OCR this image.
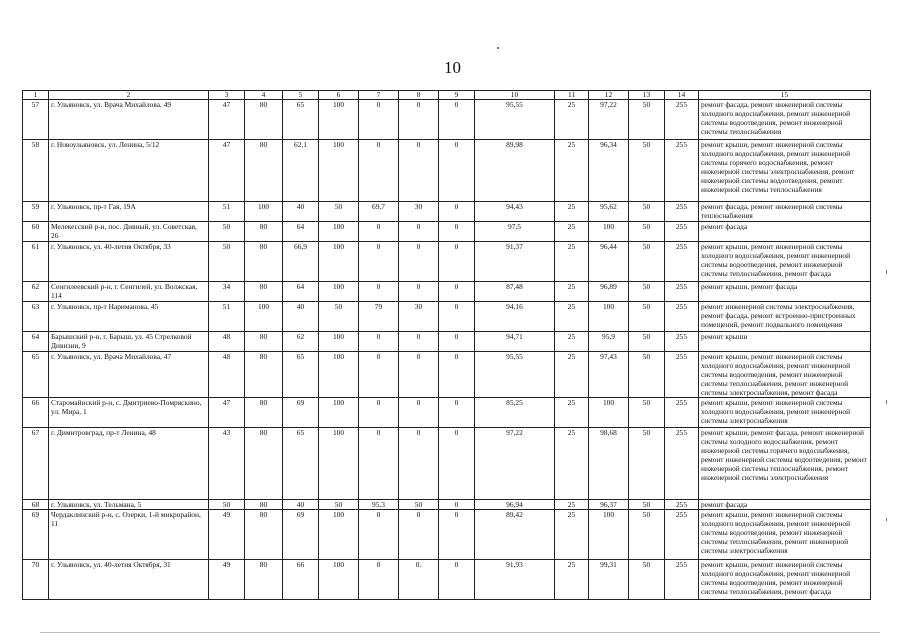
10
1	2	3	4	5	6	7	8	9	10	11	12	13	14	15
57	г. Ульяновск, ул. Врача Михайлова, 49	47	80	65	100	0	0	0	95,55	25	97,22	50	255	ремонт фасада, ремонт инженерной системы холодного водоснабжения, ремонт инженерной системы водоотведения, ремонт инженерной системы теплоснабжения
58	г. Новоульяновск, ул. Ленина, 5/12	47	80	62,1	100	0	0	0	89,98	25	96,34	50	255	ремонт крыши, ремонт инженерной системы холодного водоснабжения, ремонт инженерной системы горячего водоснабжения, ремонт инженерной системы электроснабжения, ремонт инженерной системы водоотведения, ремонт инженерной системы теплоснабжения
59	г. Ульяновск, пр-т Гая, 19А	51	100	40	50	69,7	30	0	94,43	25	95,62	50	255	ремонт фасада, ремонт инженерной системы теплоснабжения
60	Мелекесский р-н, пос. Дивный, ул. Советская, 26	50	80	64	100	0	0	0	97,5	25	100	50	255	ремонт фасада
61	г. Ульяновск, ул. 40-летия Октября, 33	50	80	66,9	100	0	0	0	91,37	25	96,44	50	255	ремонт крыши, ремонт инженерной системы холодного водоснабжения, ремонт инженерной системы водоотведения, ремонт инженерной системы теплоснабжения, ремонт фасада
62	Сенгилеевский р-н, г. Сенгилей, ул. Волжская, 114	34	80	64	100	0	0	0	87,48	25	96,89	50	255	ремонт крыши, ремонт фасада
63	г. Ульяновск, пр-т Нариманова, 45	51	100	40	50	79	30	0	94,16	25	100	50	255	ремонт инженерной системы электроснабжения, ремонт фасада, ремонт встроенно-пристроенных помещений, ремонт подвального помещения
64	Барышский р-н, г. Барыш, ул. 45 Стрелковой Дивизии, 9	48	80	62	100	0	0	0	94,71	25	95,9	50	255	ремонт крыши
65	г. Ульяновск, ул. Врача Михайлова, 47	48	80	65	100	0	0	0	95,55	25	97,43	50	255	ремонт крыши, ремонт инженерной системы холодного водоснабжения, ремонт инженерной системы водоотведения, ремонт инженерной системы теплоснабжения, ремонт инженерной системы электроснабжения, ремонт фасада
66	Старомайнский р-н, с. Дмитриево-Помряскино, ул. Мира, 1	47	80	69	100	0	0	0	85,25	25	100	50	255	ремонт крыши, ремонт инженерной системы холодного водоснабжения, ремонт инженерной системы электроснабжения
67	г. Димитровград, пр-т Ленина, 48	43	80	65	100	0	0	0	97,22	25	98,68	50	255	ремонт крыши, ремонт фасада, ремонт инженерной системы холодного водоснабжения, ремонт инженерной системы горячего водоснабжения, ремонт инженерной системы водоотведения, ремонт инженерной системы теплоснабжения, ремонт инженерной системы электроснабжения
68	г. Ульяновск, ул. Тельмана, 5	50	80	40	50	95,3	50	0	96,94	25	96,37	50	255	ремонт фасада
69	Чердаклинский р-н, с. Озерки, 1-й микрорайон, 11	49	80	69	100	0	0	0	89,42	25	100	50	255	ремонт крыши, ремонт инженерной системы холодного водоснабжения, ремонт инженерной системы водоотведения, ремонт инженерной системы теплоснабжения, ремонт инженерной системы электроснабжения
70	г. Ульяновск, ул. 40-летия Октября, 31	49	80	66	100	0	0.	0	91,93	25	99,31	50	255	ремонт крыши, ремонт инженерной системы холодного водоснабжения, ремонт инженерной системы водоотведения, ремонт инженерной системы теплоснабжения, ремонт фасада
